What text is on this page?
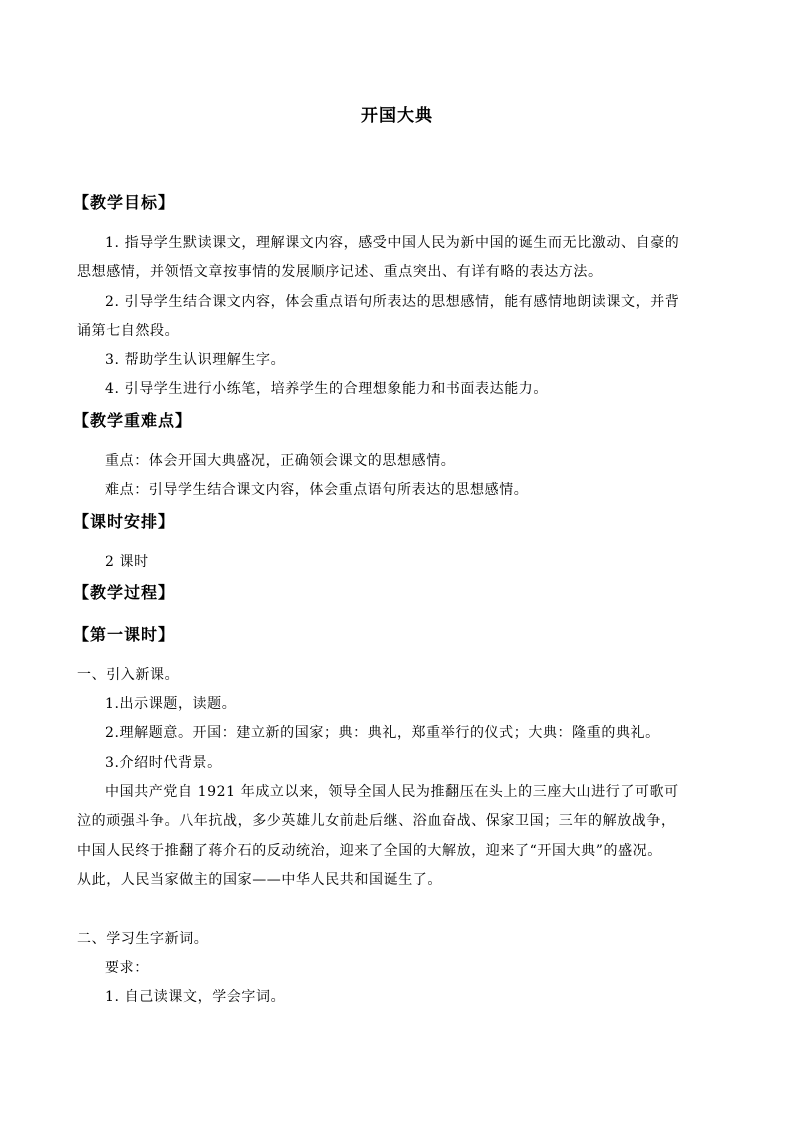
开国大典
【教学目标】
1. 指导学生默读课文，理解课文内容，感受中国人民为新中国的诞生而无比激动、自豪的
思想感情，并领悟文章按事情的发展顺序记述、重点突出、有详有略的表达方法。
2. 引导学生结合课文内容，体会重点语句所表达的思想感情，能有感情地朗读课文，并背
诵第七自然段。
3. 帮助学生认识理解生字。
4. 引导学生进行小练笔，培养学生的合理想象能力和书面表达能力。
【教学重难点】
重点：体会开国大典盛况，正确领会课文的思想感情。
难点：引导学生结合课文内容，体会重点语句所表达的思想感情。
【课时安排】
2 课时
【教学过程】
【第一课时】
一、引入新课。
1.出示课题，读题。
2.理解题意。开国：建立新的国家；典：典礼，郑重举行的仪式；大典：隆重的典礼。
3.介绍时代背景。
中国共产党自 1921 年成立以来，领导全国人民为推翻压在头上的三座大山进行了可歌可
泣的顽强斗争。八年抗战，多少英雄儿女前赴后继、浴血奋战、保家卫国；三年的解放战争，
中国人民终于推翻了蒋介石的反动统治，迎来了全国的大解放，迎来了“开国大典”的盛况。
从此，人民当家做主的国家——中华人民共和国诞生了。
二、学习生字新词。
要求：
1. 自己读课文，学会字词。
